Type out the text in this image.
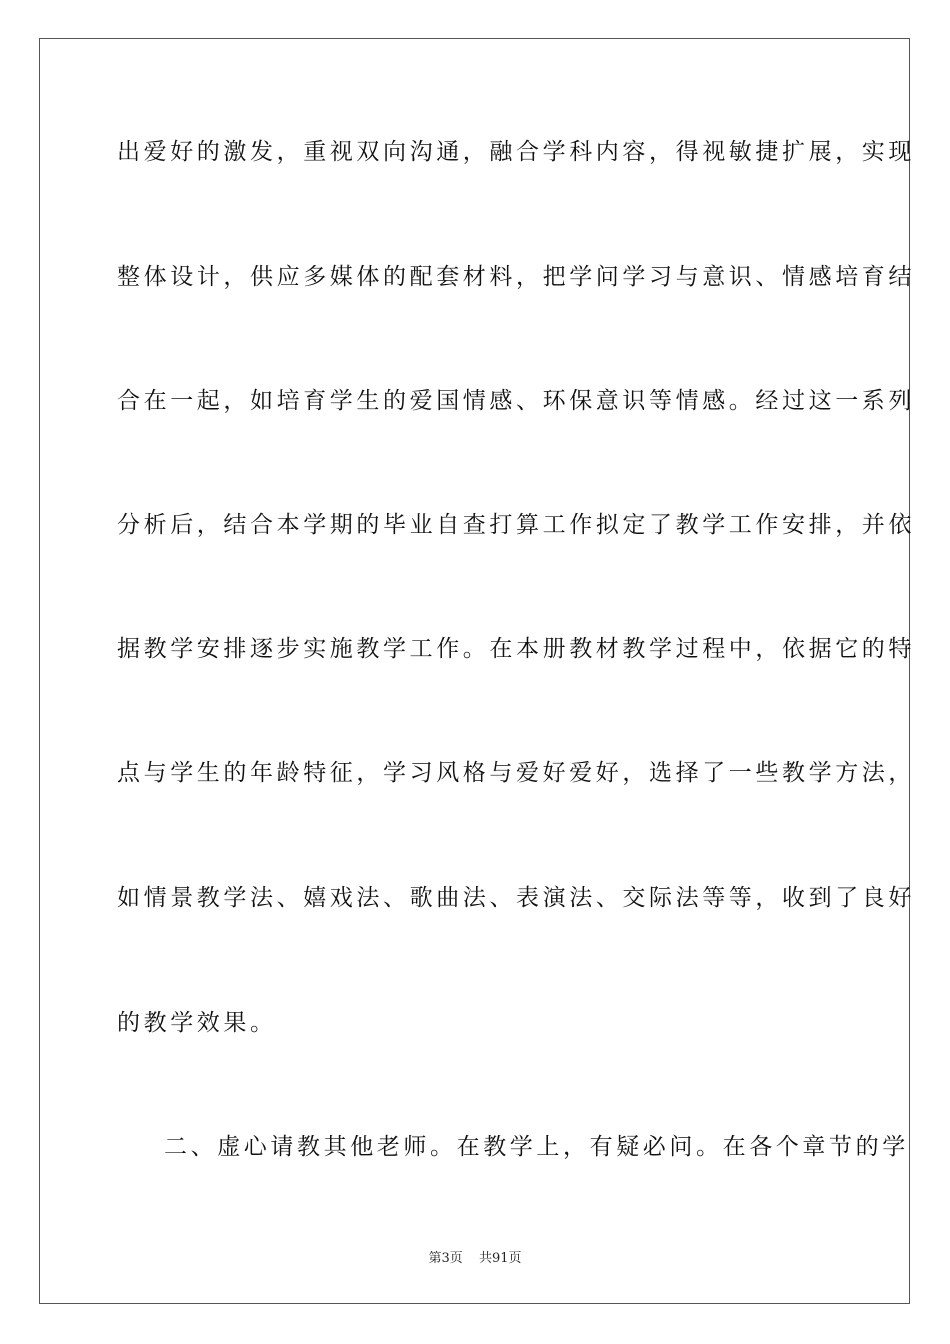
出爱好的激发，重视双向沟通，融合学科内容，得视敏捷扩展，实现
整体设计，供应多媒体的配套材料，把学问学习与意识、情感培育结
合在一起，如培育学生的爱国情感、环保意识等情感。经过这一系列
分析后，结合本学期的毕业自查打算工作拟定了教学工作安排，并依
据教学安排逐步实施教学工作。在本册教材教学过程中，依据它的特
点与学生的年龄特征，学习风格与爱好爱好，选择了一些教学方法，
如情景教学法、嬉戏法、歌曲法、表演法、交际法等等，收到了良好
的教学效果。
二、虚心请教其他老师。在教学上，有疑必问。在各个章节的学
第3页 共91页
